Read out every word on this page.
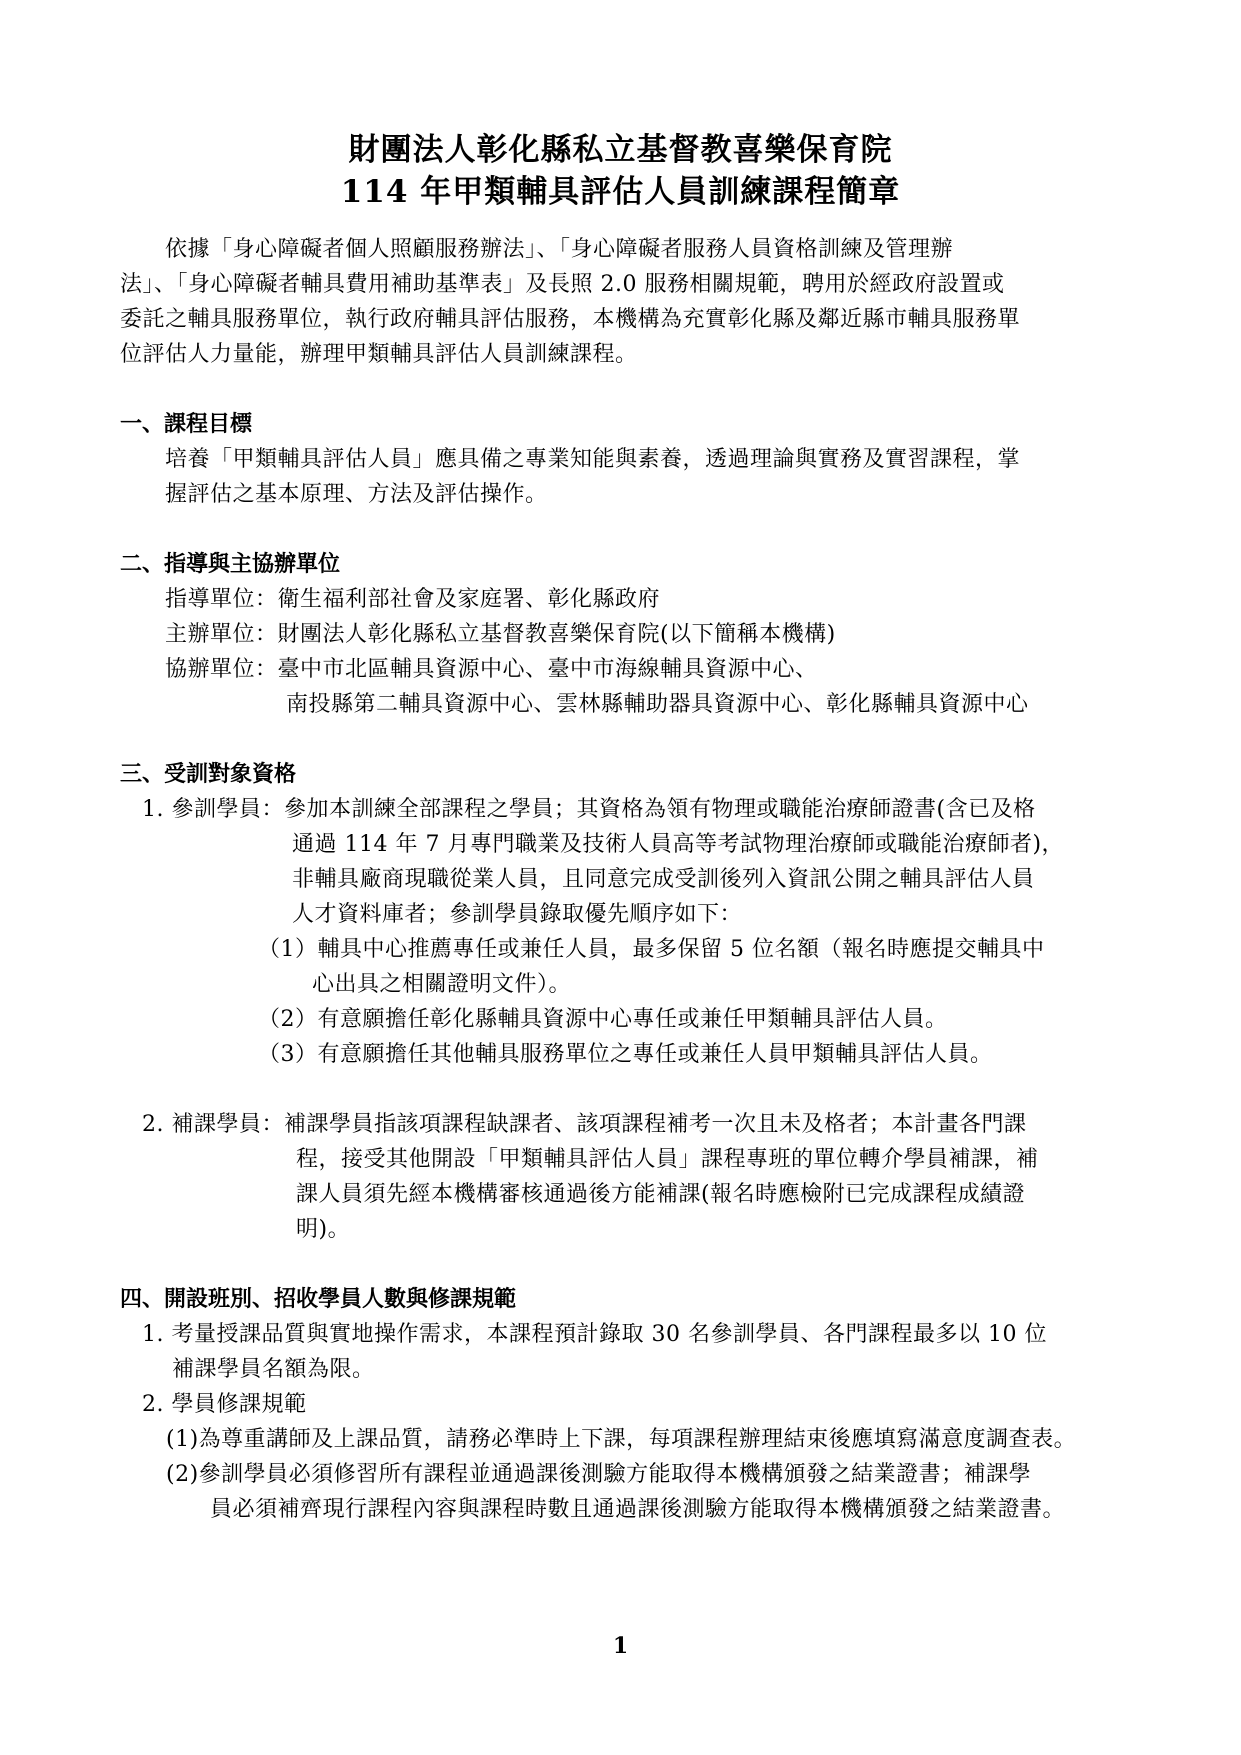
財團法人彰化縣私立基督教喜樂保育院
114 年甲類輔具評估人員訓練課程簡章
依據「身心障礙者個人照顧服務辦法」、「身心障礙者服務人員資格訓練及管理辦
法」、「身心障礙者輔具費用補助基準表」及長照 2.0 服務相關規範，聘用於經政府設置或
委託之輔具服務單位，執行政府輔具評估服務，本機構為充實彰化縣及鄰近縣市輔具服務單
位評估人力量能，辦理甲類輔具評估人員訓練課程。
一、課程目標
培養「甲類輔具評估人員」應具備之專業知能與素養，透過理論與實務及實習課程，掌
握評估之基本原理、方法及評估操作。
二、指導與主協辦單位
指導單位：衛生福利部社會及家庭署、彰化縣政府
主辦單位：財團法人彰化縣私立基督教喜樂保育院(以下簡稱本機構)
協辦單位：臺中市北區輔具資源中心、臺中市海線輔具資源中心、
南投縣第二輔具資源中心、雲林縣輔助器具資源中心、彰化縣輔具資源中心
三、受訓對象資格
1. 參訓學員：參加本訓練全部課程之學員；其資格為領有物理或職能治療師證書(含已及格
通過 114 年 7 月專門職業及技術人員高等考試物理治療師或職能治療師者)，
非輔具廠商現職從業人員，且同意完成受訓後列入資訊公開之輔具評估人員
人才資料庫者；參訓學員錄取優先順序如下：
（1）輔具中心推薦專任或兼任人員，最多保留 5 位名額（報名時應提交輔具中
心出具之相關證明文件）。
（2）有意願擔任彰化縣輔具資源中心專任或兼任甲類輔具評估人員。
（3）有意願擔任其他輔具服務單位之專任或兼任人員甲類輔具評估人員。
2. 補課學員：補課學員指該項課程缺課者、該項課程補考一次且未及格者；本計畫各門課
程，接受其他開設「甲類輔具評估人員」課程專班的單位轉介學員補課，補
課人員須先經本機構審核通過後方能補課(報名時應檢附已完成課程成績證
明)。
四、開設班別、招收學員人數與修課規範
1. 考量授課品質與實地操作需求，本課程預計錄取 30 名參訓學員、各門課程最多以 10 位
補課學員名額為限。
2. 學員修課規範
(1)為尊重講師及上課品質，請務必準時上下課，每項課程辦理結束後應填寫滿意度調查表。
(2)參訓學員必須修習所有課程並通過課後測驗方能取得本機構頒發之結業證書；補課學
員必須補齊現行課程內容與課程時數且通過課後測驗方能取得本機構頒發之結業證書。
1
